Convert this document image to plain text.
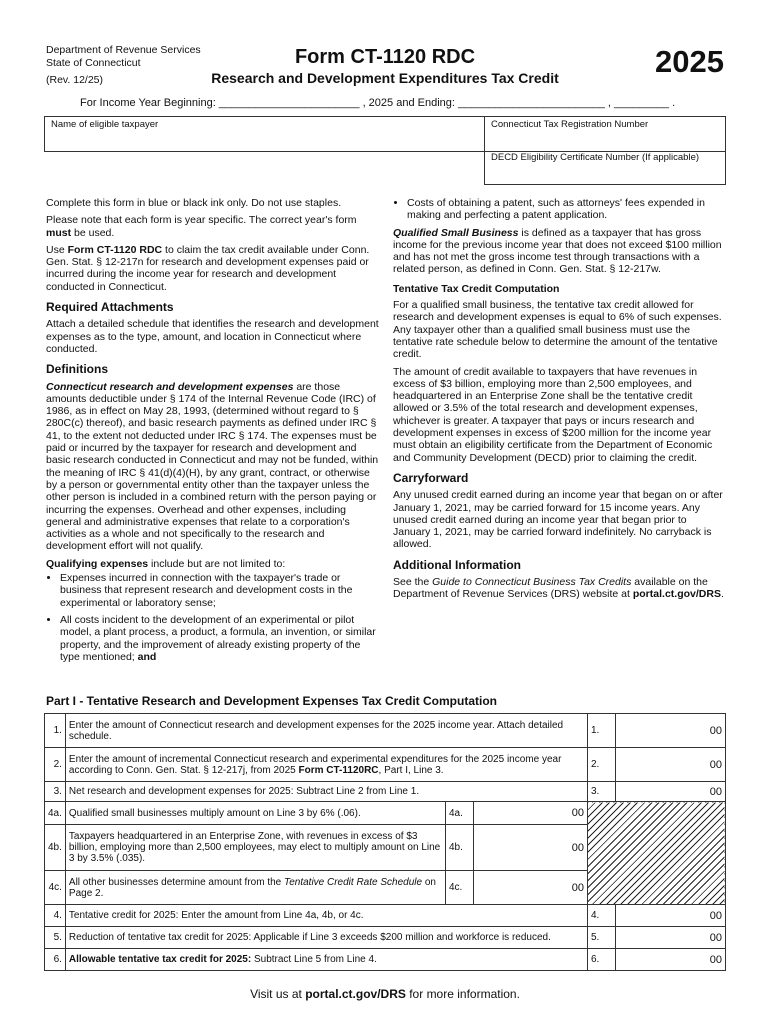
Department of Revenue Services
State of Connecticut
(Rev. 12/25)
Form CT-1120 RDC
Research and Development Expenditures Tax Credit	2025
For Income Year Beginning: _______________________ , 2025 and Ending: ________________________ , _________ .
Name of eligible taxpayer	Connecticut Tax Registration Number
DECD Eligibility Certificate Number (If applicable)

Complete this form in blue or black ink only. Do not use staples.

Please note that each form is year specific. The correct year's form must be used.

Use Form CT-1120 RDC to claim the tax credit available under Conn. Gen. Stat. § 12-217n for research and development expenses paid or incurred during the income year for research and development conducted in Connecticut.

Required Attachments

Attach a detailed schedule that identifies the research and development expenses as to the type, amount, and location in Connecticut where conducted.

Definitions

Connecticut research and development expenses are those amounts deductible under § 174 of the Internal Revenue Code (IRC) of 1986, as in effect on May 28, 1993, (determined without regard to § 280C(c) thereof), and basic research payments as defined under IRC § 41, to the extent not deducted under IRC § 174. The expenses must be paid or incurred by the taxpayer for research and development and basic research conducted in Connecticut and may not be funded, within the meaning of IRC § 41(d)(4)(H), by any grant, contract, or otherwise by a person or governmental entity other than the taxpayer unless the other person is included in a combined return with the person paying or incurring the expenses. Overhead and other expenses, including general and administrative expenses that relate to a corporation's activities as a whole and not specifically to the research and development effort will not qualify.

Qualifying expenses include but are not limited to:

• Expenses incurred in connection with the taxpayer's trade or business that represent research and development costs in the experimental or laboratory sense;
• All costs incident to the development of an experimental or pilot model, a plant process, a product, a formula, an invention, or similar property, and the improvement of already existing property of the type mentioned; and
• Costs of obtaining a patent, such as attorneys' fees expended in making and perfecting a patent application.

Qualified Small Business is defined as a taxpayer that has gross income for the previous income year that does not exceed $100 million and has not met the gross income test through transactions with a related person, as defined in Conn. Gen. Stat. § 12-217w.

Tentative Tax Credit Computation

For a qualified small business, the tentative tax credit allowed for research and development expenses is equal to 6% of such expenses. Any taxpayer other than a qualified small business must use the tentative rate schedule below to determine the amount of the tentative credit.

The amount of credit available to taxpayers that have revenues in excess of $3 billion, employing more than 2,500 employees, and headquartered in an Enterprise Zone shall be the tentative credit allowed or 3.5% of the total research and development expenses, whichever is greater. A taxpayer that pays or incurs research and development expenses in excess of $200 million for the income year must obtain an eligibility certificate from the Department of Economic and Community Development (DECD) prior to claiming the credit.

Carryforward

Any unused credit earned during an income year that began on or after January 1, 2021, may be carried forward for 15 income years. Any unused credit earned during an income year that began prior to January 1, 2021, may be carried forward indefinitely. No carryback is allowed.

Additional Information

See the Guide to Connecticut Business Tax Credits available on the Department of Revenue Services (DRS) website at portal.ct.gov/DRS.

Part I - Tentative Research and Development Expenses Tax Credit Computation
1.	Enter the amount of Connecticut research and development expenses for the 2025 income year. Attach detailed schedule.			1.	00
2.	Enter the amount of incremental Connecticut research and experimental expenditures for the 2025 income year according to Conn. Gen. Stat. § 12-217j, from 2025 Form CT-1120RC, Part I, Line 3.			2.	00
3.	Net research and development expenses for 2025: Subtract Line 2 from Line 1.			3.	00
4a.	Qualified small businesses multiply amount on Line 3 by 6% (.06).	4a.	00		
4b.	Taxpayers headquartered in an Enterprise Zone, with revenues in excess of $3 billion, employing more than 2,500 employees, may elect to multiply amount on Line 3 by 3.5% (.035).	4b.	00		
4c.	All other businesses determine amount from the Tentative Credit Rate Schedule on Page 2.	4c.	00		
4.	Tentative credit for 2025: Enter the amount from Line 4a, 4b, or 4c.			4.	00
5.	Reduction of tentative tax credit for 2025: Applicable if Line 3 exceeds $200 million and workforce is reduced.			5.	00
6.	Allowable tentative tax credit for 2025: Subtract Line 5 from Line 4.			6.	00
Visit us at portal.ct.gov/DRS for more information.
